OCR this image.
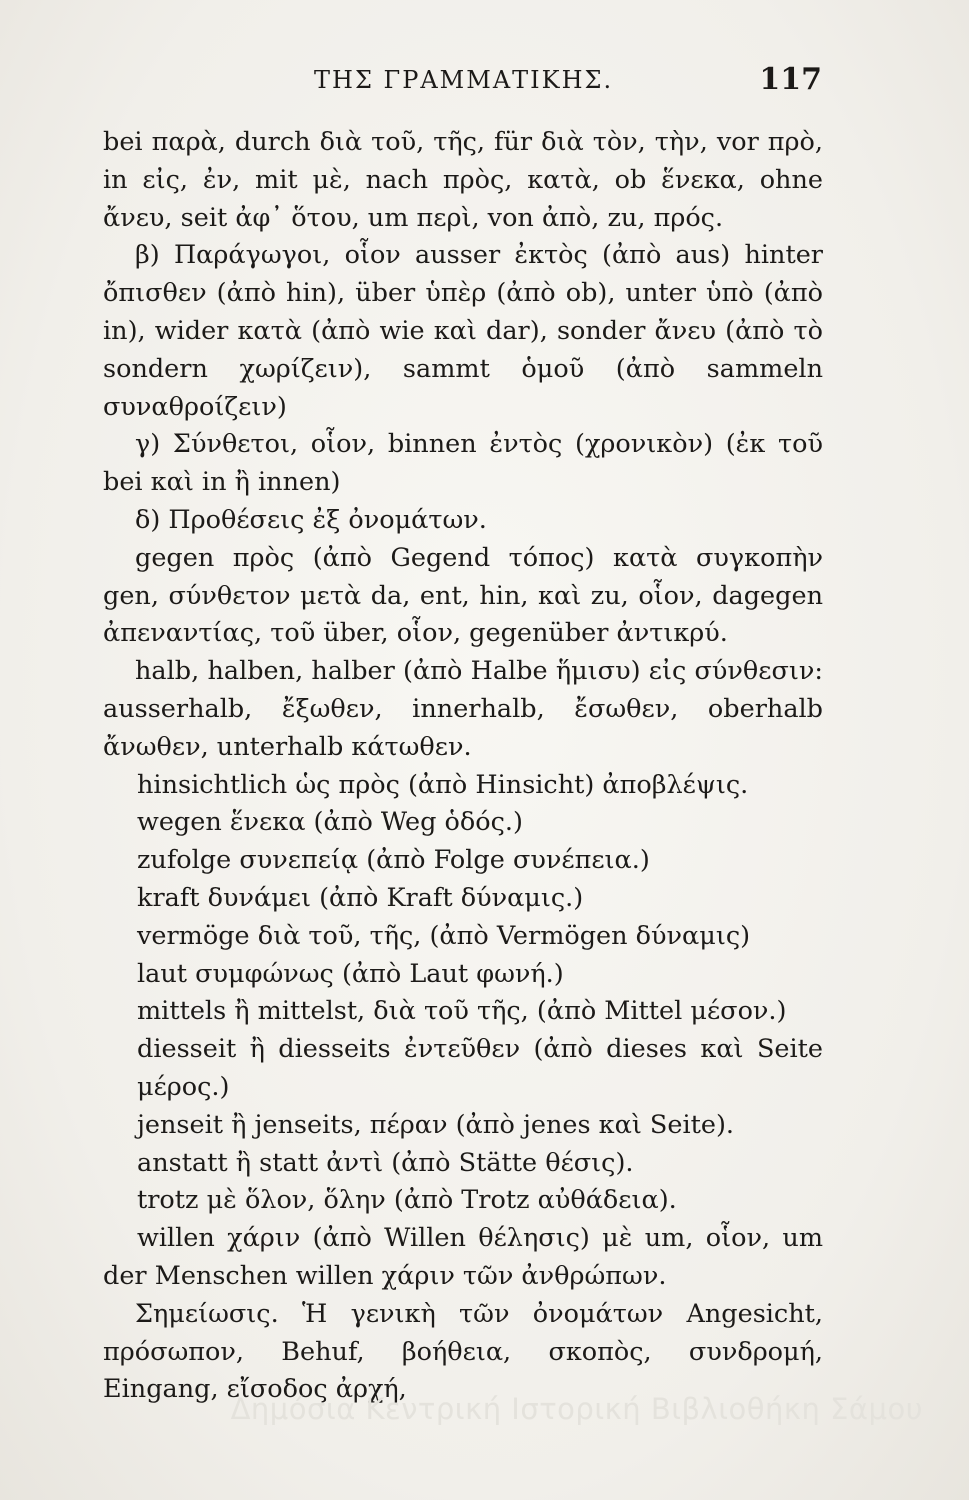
ΤΗΣ ΓΡΑΜΜΑΤΙΚΗΣ.	117

bei παρὰ, durch διὰ τοῦ, τῆς, für διὰ τὸν, τὴν, vor πρὸ, in εἰς, ἐν, mit μὲ, nach πρὸς, κατὰ, ob ἕνεκα, ohne ἄνευ, seit ἀφ᾽ ὅτου, um περὶ, von ἀπὸ, zu, πρός.

β) Παράγωγοι, οἷον ausser ἐκτὸς (ἀπὸ aus) hinter ὄπισθεν (ἀπὸ hin), über ὑπὲρ (ἀπὸ ob), unter ὑπὸ (ἀπὸ in), wider κατὰ (ἀπὸ wie καὶ dar), sonder ἄνευ (ἀπὸ τὸ sondern χωρίζειν), sammt ὁμοῦ (ἀπὸ sammeln συναθροίζειν)

γ) Σύνθετοι, οἷον, binnen ἐντὸς (χρονικὸν) (ἐκ τοῦ bei καὶ in ἢ innen)

δ) Προθέσεις ἐξ ὀνομάτων.

gegen πρὸς (ἀπὸ Gegend τόπος) κατὰ συγκοπὴν gen, σύνθετον μετὰ da, ent, hin, καὶ zu, οἷον, dagegen ἀπεναντίας, τοῦ über, οἷον, gegenüber ἀντικρύ.

halb, halben, halber (ἀπὸ Halbe ἥμισυ) εἰς σύνθεσιν: ausserhalb, ἔξωθεν, innerhalb, ἔσωθεν, oberhalb ἄνωθεν, unterhalb κάτωθεν.

hinsichtlich ὡς πρὸς (ἀπὸ Hinsicht) ἀποβλέψις.

wegen ἕνεκα (ἀπὸ Weg ὁδός.)

zufolge συνεπείᾳ (ἀπὸ Folge συνέπεια.)

kraft δυνάμει (ἀπὸ Kraft δύναμις.)

vermöge διὰ τοῦ, τῆς, (ἀπὸ Vermögen δύναμις)

laut συμφώνως (ἀπὸ Laut φωνή.)

mittels ἢ mittelst, διὰ τοῦ τῆς, (ἀπὸ Mittel μέσον.)

diesseit ἢ diesseits ἐντεῦθεν (ἀπὸ dieses καὶ Seite μέρος.)

jenseit ἢ jenseits, πέραν (ἀπὸ jenes καὶ Seite).

anstatt ἢ statt ἀντὶ (ἀπὸ Stätte θέσις).

trotz μὲ ὅλον, ὅλην (ἀπὸ Trotz αὐθάδεια).

willen χάριν (ἀπὸ Willen θέλησις) μὲ um, οἷον, um der Menschen willen χάριν τῶν ἀνθρώπων.

Σημείωσις. Ἡ γενικὴ τῶν ὀνομάτων Angesicht, πρόσωπον, Behuf, βοήθεια, σκοπὸς, συνδρομή, Eingang, εἴσοδος ἀρχή,

Δημόσια Κεντρική Ιστορική Βιβλιοθήκη Σάμου
